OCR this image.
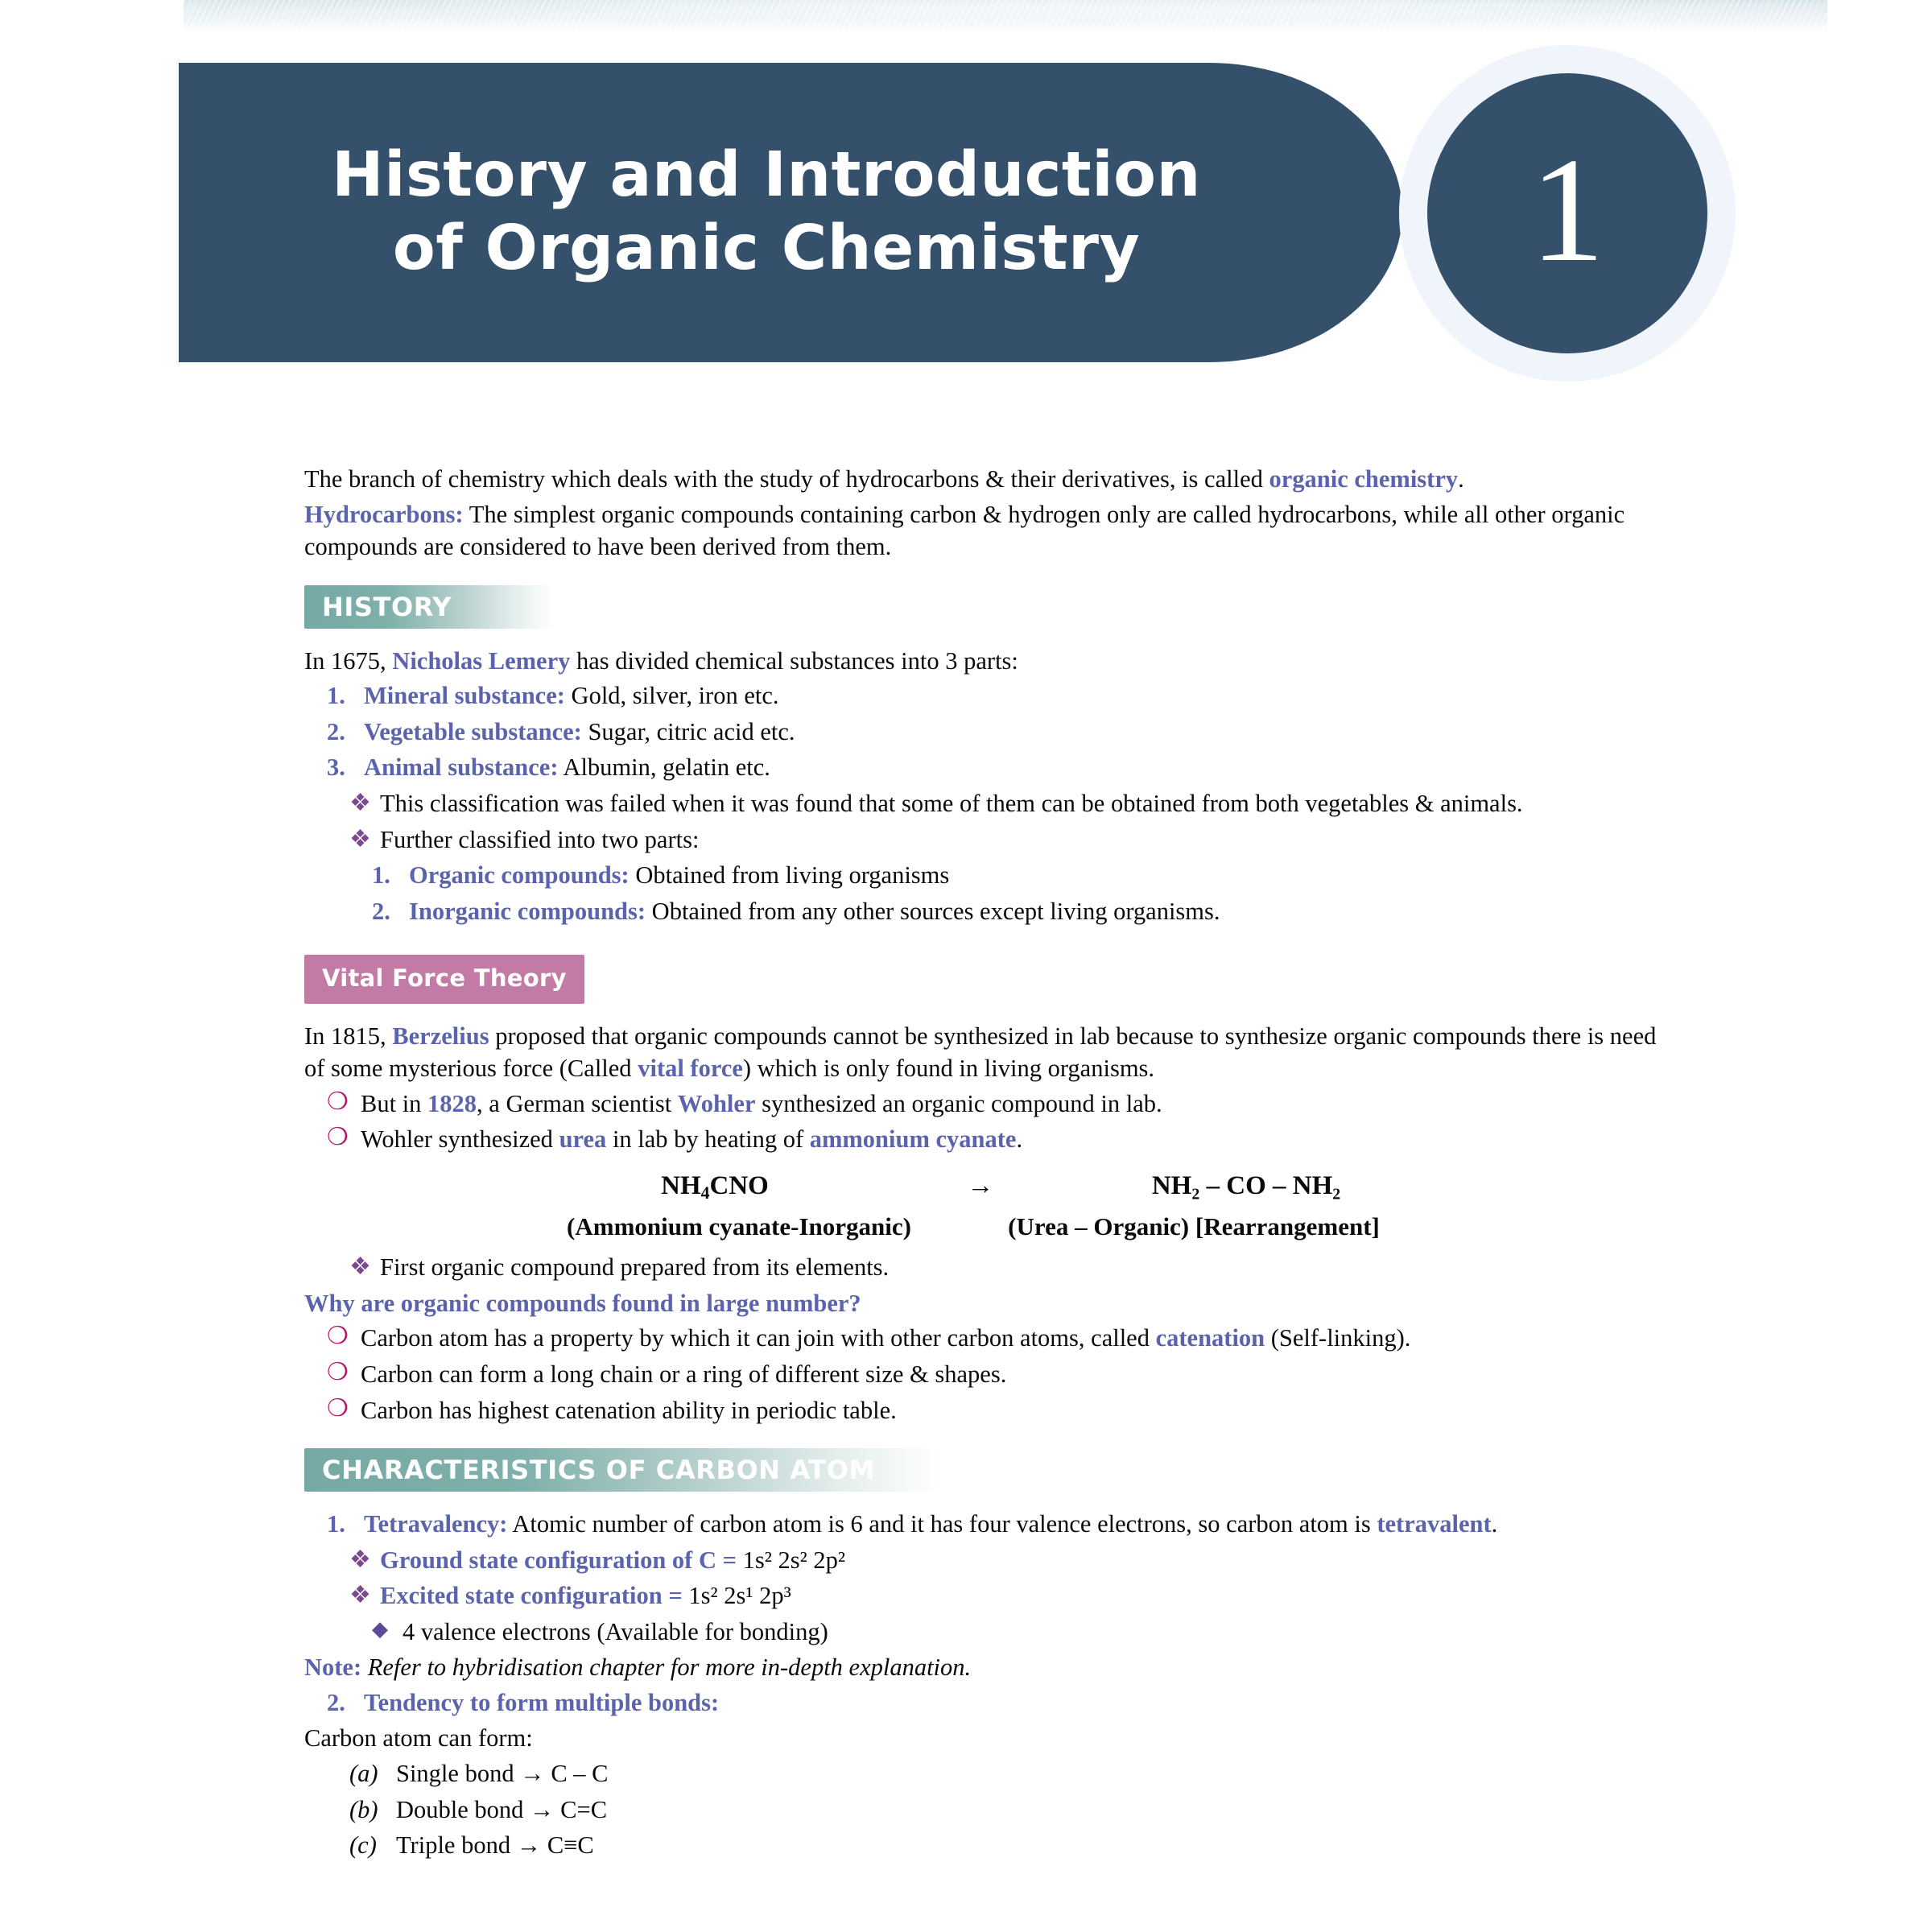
History and Introduction
of Organic Chemistry	1

The branch of chemistry which deals with the study of hydrocarbons & their derivatives, is called organic chemistry.

Hydrocarbons: The simplest organic compounds containing carbon & hydrogen only are called hydrocarbons, while all other organic compounds are considered to have been derived from them.

HISTORY

In 1675, Nicholas Lemery has divided chemical substances into 3 parts:

1. Mineral substance: Gold, silver, iron etc.
2. Vegetable substance: Sugar, citric acid etc.
3. Animal substance: Albumin, gelatin etc.
❖ This classification was failed when it was found that some of them can be obtained from both vegetables & animals.
❖ Further classified into two parts:
1. Organic compounds: Obtained from living organisms
2. Inorganic compounds: Obtained from any other sources except living organisms.
Vital Force Theory

In 1815, Berzelius proposed that organic compounds cannot be synthesized in lab because to synthesize organic compounds there is need of some mysterious force (Called vital force) which is only found in living organisms.

❍ But in 1828, a German scientist Wohler synthesized an organic compound in lab.
❍ Wohler synthesized urea in lab by heating of ammonium cyanate.
$NH_4CNO$	→	NH₂ – CO – NH₂
(Ammonium cyanate-Inorganic)	(Urea – Organic) [Rearrangement]
❖ First organic compound prepared from its elements.

Why are organic compounds found in large number?

❍ Carbon atom has a property by which it can join with other carbon atoms, called catenation (Self-linking).
❍ Carbon can form a long chain or a ring of different size & shapes.
❍ Carbon has highest catenation ability in periodic table.
CHARACTERISTICS OF CARBON ATOM
1. Tetravalency: Atomic number of carbon atom is 6 and it has four valence electrons, so carbon atom is tetravalent.
❖ Ground state configuration of C = 1s² 2s² 2p²
❖ Excited state configuration = 1s² 2s¹ 2p³
◆ 4 valence electrons (Available for bonding)

Note: Refer to hybridisation chapter for more in-depth explanation.

2. Tendency to form multiple bonds:

Carbon atom can form:

(a) Single bond → C – C
(b) Double bond → C=C
(c) Triple bond → C≡C
